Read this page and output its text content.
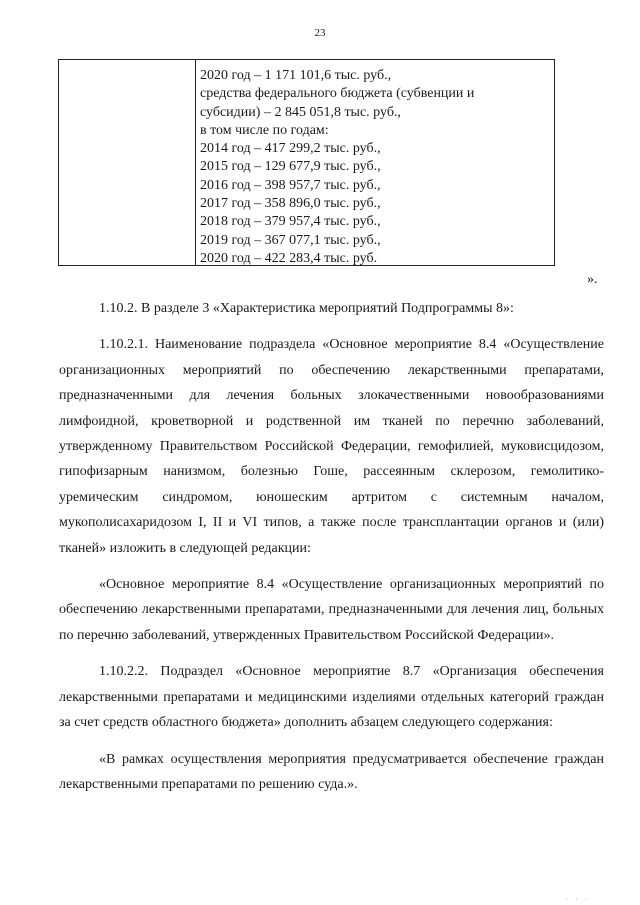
23
2020 год – 1 171 101,6 тыс. руб.,
средства федерального бюджета (субвенции и
субсидии) – 2 845 051,8 тыс. руб.,
в том числе по годам:
2014 год – 417 299,2 тыс. руб.,
2015 год – 129 677,9 тыс. руб.,
2016 год – 398 957,7 тыс. руб.,
2017 год – 358 896,0 тыс. руб.,
2018 год – 379 957,4 тыс. руб.,
2019 год – 367 077,1 тыс. руб.,
2020 год – 422 283,4 тыс. руб.
».

1.10.2. В разделе 3 «Характеристика мероприятий Подпрограммы 8»:

1.10.2.1. Наименование подраздела «Основное мероприятие 8.4 «Осуществление организационных мероприятий по обеспечению лекарственными препаратами, предназначенными для лечения больных злокачественными новообразованиями лимфоидной, кроветворной и родственной им тканей по перечню заболеваний, утвержденному Правительством Российской Федерации, гемофилией, муковисцидозом, гипофизарным нанизмом, болезнью Гоше, рассеянным склерозом, гемолитико-уремическим синдромом, юношеским артритом с системным началом, мукополисахаридозом I, II и VI типов, а также после трансплантации органов и (или) тканей» изложить в следующей редакции:

«Основное мероприятие 8.4 «Осуществление организационных мероприятий по обеспечению лекарственными препаратами, предназначенными для лечения лиц, больных по перечню заболеваний, утвержденных Правительством Российской Федерации».

1.10.2.2. Подраздел «Основное мероприятие 8.7 «Организация обеспечения лекарственными препаратами и медицинскими изделиями отдельных категорий граждан за счет средств областного бюджета» дополнить абзацем следующего содержания:

«В рамках осуществления мероприятия предусматривается обеспечение граждан лекарственными препаратами по решению суда.».

· · ·
